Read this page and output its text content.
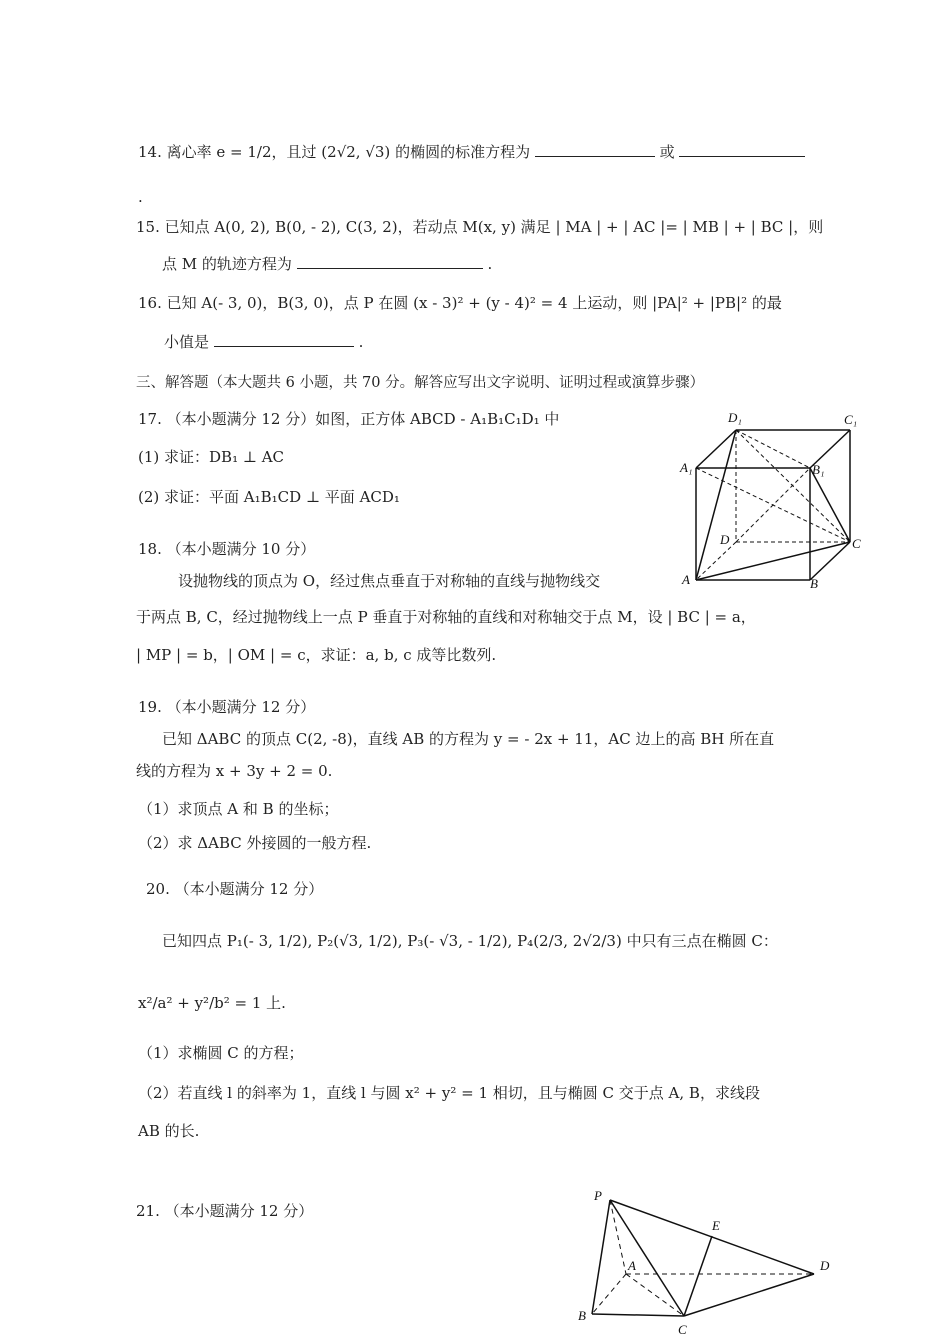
14. 离心率 e = 1/2，且过 (2√2, √3) 的椭圆的标准方程为	或
.
15. 已知点 A(0, 2), B(0, - 2), C(3, 2)，若动点 M(x, y) 满足 | MA | + | AC |= | MB | + | BC |，则
点 M 的轨迹方程为	.
16. 已知 A(- 3, 0)，B(3, 0)，点 P 在圆 (x - 3)² + (y - 4)² = 4 上运动，则 |PA|² + |PB|² 的最
小值是	.
三、解答题（本大题共 6 小题，共 70 分。解答应写出文字说明、证明过程或演算步骤）
17. （本小题满分 12 分）如图，正方体 ABCD - A₁B₁C₁D₁ 中
(1) 求证：DB₁ ⊥ AC
(2) 求证：平面 A₁B₁CD ⊥ 平面 ACD₁
D₁	C₁
A₁	B₁
D	C
A	B
18. （本小题满分 10 分）
设抛物线的顶点为 O，经过焦点垂直于对称轴的直线与抛物线交
于两点 B, C，经过抛物线上一点 P 垂直于对称轴的直线和对称轴交于点 M，设 | BC | = a，
| MP | = b，| OM | = c，求证：a, b, c 成等比数列.
19. （本小题满分 12 分）
已知 ΔABC 的顶点 C(2, -8)，直线 AB 的方程为 y = - 2x + 11，AC 边上的高 BH 所在直
线的方程为 x + 3y + 2 = 0.
（1）求顶点 A 和 B 的坐标；
（2）求 ΔABC 外接圆的一般方程.
20. （本小题满分 12 分）
已知四点 P₁(- 3, 1/2), P₂(√3, 1/2), P₃(- √3, - 1/2), P₄(2/3, 2√2/3) 中只有三点在椭圆 C：
x²/a² + y²/b² = 1 上.
（1）求椭圆 C 的方程；
（2）若直线 l 的斜率为 1，直线 l 与圆 x² + y² = 1 相切，且与椭圆 C 交于点 A, B，求线段
AB 的长.
21. （本小题满分 12 分）
P
E
A	D
B
C
